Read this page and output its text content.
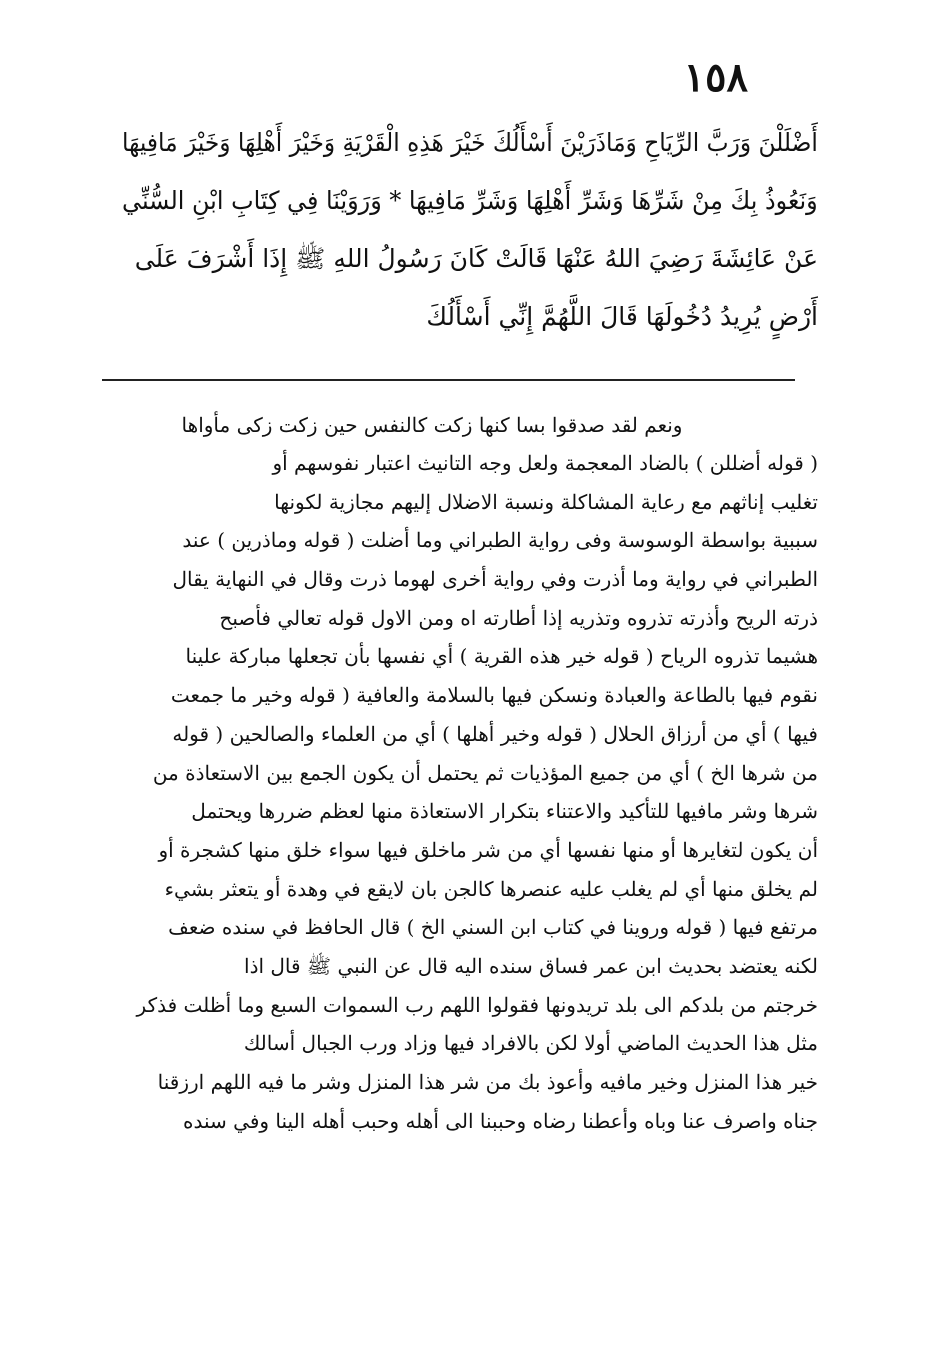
١٥٨
أَضْلَلْنَ وَرَبَّ الرِّيَاحِ وَمَاذَرَيْنَ أَسْأَلُكَ خَيْرَ هَذِهِ الْقَرْيَةِ وَخَيْرَ أَهْلِهَا وَخَيْرَ مَافِيهَا
وَنَعُوذُ بِكَ مِنْ شَرِّهَا وَشَرِّ أَهْلِهَا وَشَرِّ مَافِيهَا * وَرَوَيْنَا فِي كِتَابِ ابْنِ السُّنِّي
عَنْ عَائِشَةَ رَضِيَ اللهُ عَنْهَا قَالَتْ كَانَ رَسُولُ اللهِ ﷺ إِذَا أَشْرَفَ عَلَى
أَرْضٍ يُرِيدُ دُخُولَهَا قَالَ اللَّهُمَّ إِنِّي أَسْأَلُكَ
ونعم لقد صدقوا بسا كنها زكت كالنفس حين زكت زكى مأواها
( قوله أضللن ) بالضاد المعجمة ولعل وجه التانيث اعتبار نفوسهم أو
تغليب إناثهم مع رعاية المشاكلة ونسبة الاضلال إليهم مجازية لكونها
سببية بواسطة الوسوسة وفى رواية الطبراني وما أضلت ( قوله وماذرين ) عند
الطبراني في رواية وما أذرت وفي رواية أخرى لهوما ذرت وقال في النهاية يقال
ذرته الريح وأذرته تذروه وتذريه إذا أطارته اه ومن الاول قوله تعالي فأصبح
هشيما تذروه الرياح ( قوله خير هذه القرية ) أي نفسها بأن تجعلها مباركة علينا
نقوم فيها بالطاعة والعبادة ونسكن فيها بالسلامة والعافية ( قوله وخير ما جمعت
فيها ) أي من أرزاق الحلال ( قوله وخير أهلها ) أي من العلماء والصالحين ( قوله
من شرها الخ ) أي من جميع المؤذيات ثم يحتمل أن يكون الجمع بين الاستعاذة من
شرها وشر مافيها للتأكيد والاعتناء بتكرار الاستعاذة منها لعظم ضررها ويحتمل
أن يكون لتغايرها أو منها نفسها أي من شر ماخلق فيها سواء خلق منها كشجرة أو
لم يخلق منها أي لم يغلب عليه عنصرها كالجن بان لايقع في وهدة أو يتعثر بشيء
مرتفع فيها ( قوله وروينا في كتاب ابن السني الخ ) قال الحافظ في سنده ضعف
لكنه يعتضد بحديث ابن عمر فساق سنده اليه قال عن النبي ﷺ قال اذا
خرجتم من بلدكم الى بلد تريدونها فقولوا اللهم رب السموات السبع وما أظلت فذكر
مثل هذا الحديث الماضي أولا لكن بالافراد فيها وزاد ورب الجبال أسالك
خير هذا المنزل وخير مافيه وأعوذ بك من شر هذا المنزل وشر ما فيه اللهم ارزقنا
جناه واصرف عنا وباه وأعطنا رضاه وحببنا الى أهله وحبب أهله الينا وفي سنده
